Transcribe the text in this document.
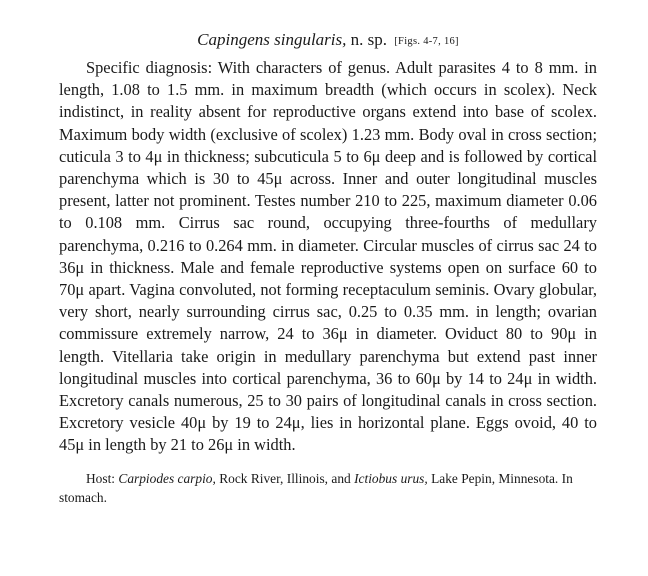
Capingens singularis, n. sp. [Figs. 4-7, 16]

Specific diagnosis: With characters of genus. Adult parasites 4 to 8 mm. in length, 1.08 to 1.5 mm. in maximum breadth (which occurs in scolex). Neck indistinct, in reality absent for reproductive organs extend into base of scolex. Maximum body width (exclusive of scolex) 1.23 mm. Body oval in cross section; cuticula 3 to 4μ in thickness; subcuticula 5 to 6μ deep and is followed by cortical parenchyma which is 30 to 45μ across. Inner and outer longitudinal muscles present, latter not prominent. Testes number 210 to 225, maximum diameter 0.06 to 0.108 mm. Cirrus sac round, occupying three-fourths of medullary parenchyma, 0.216 to 0.264 mm. in diameter. Circular muscles of cirrus sac 24 to 36μ in thickness. Male and female reproductive systems open on surface 60 to 70μ apart. Vagina convoluted, not forming receptaculum seminis. Ovary globular, very short, nearly surrounding cirrus sac, 0.25 to 0.35 mm. in length; ovarian commissure extremely narrow, 24 to 36μ in diameter. Oviduct 80 to 90μ in length. Vitellaria take origin in medullary parenchyma but extend past inner longitudinal muscles into cortical parenchyma, 36 to 60μ by 14 to 24μ in width. Excretory canals numerous, 25 to 30 pairs of longitudinal canals in cross section. Excretory vesicle 40μ by 19 to 24μ, lies in horizontal plane. Eggs ovoid, 40 to 45μ in length by 21 to 26μ in width.

Host: Carpiodes carpio, Rock River, Illinois, and Ictiobus urus, Lake Pepin, Minnesota. In stomach.
